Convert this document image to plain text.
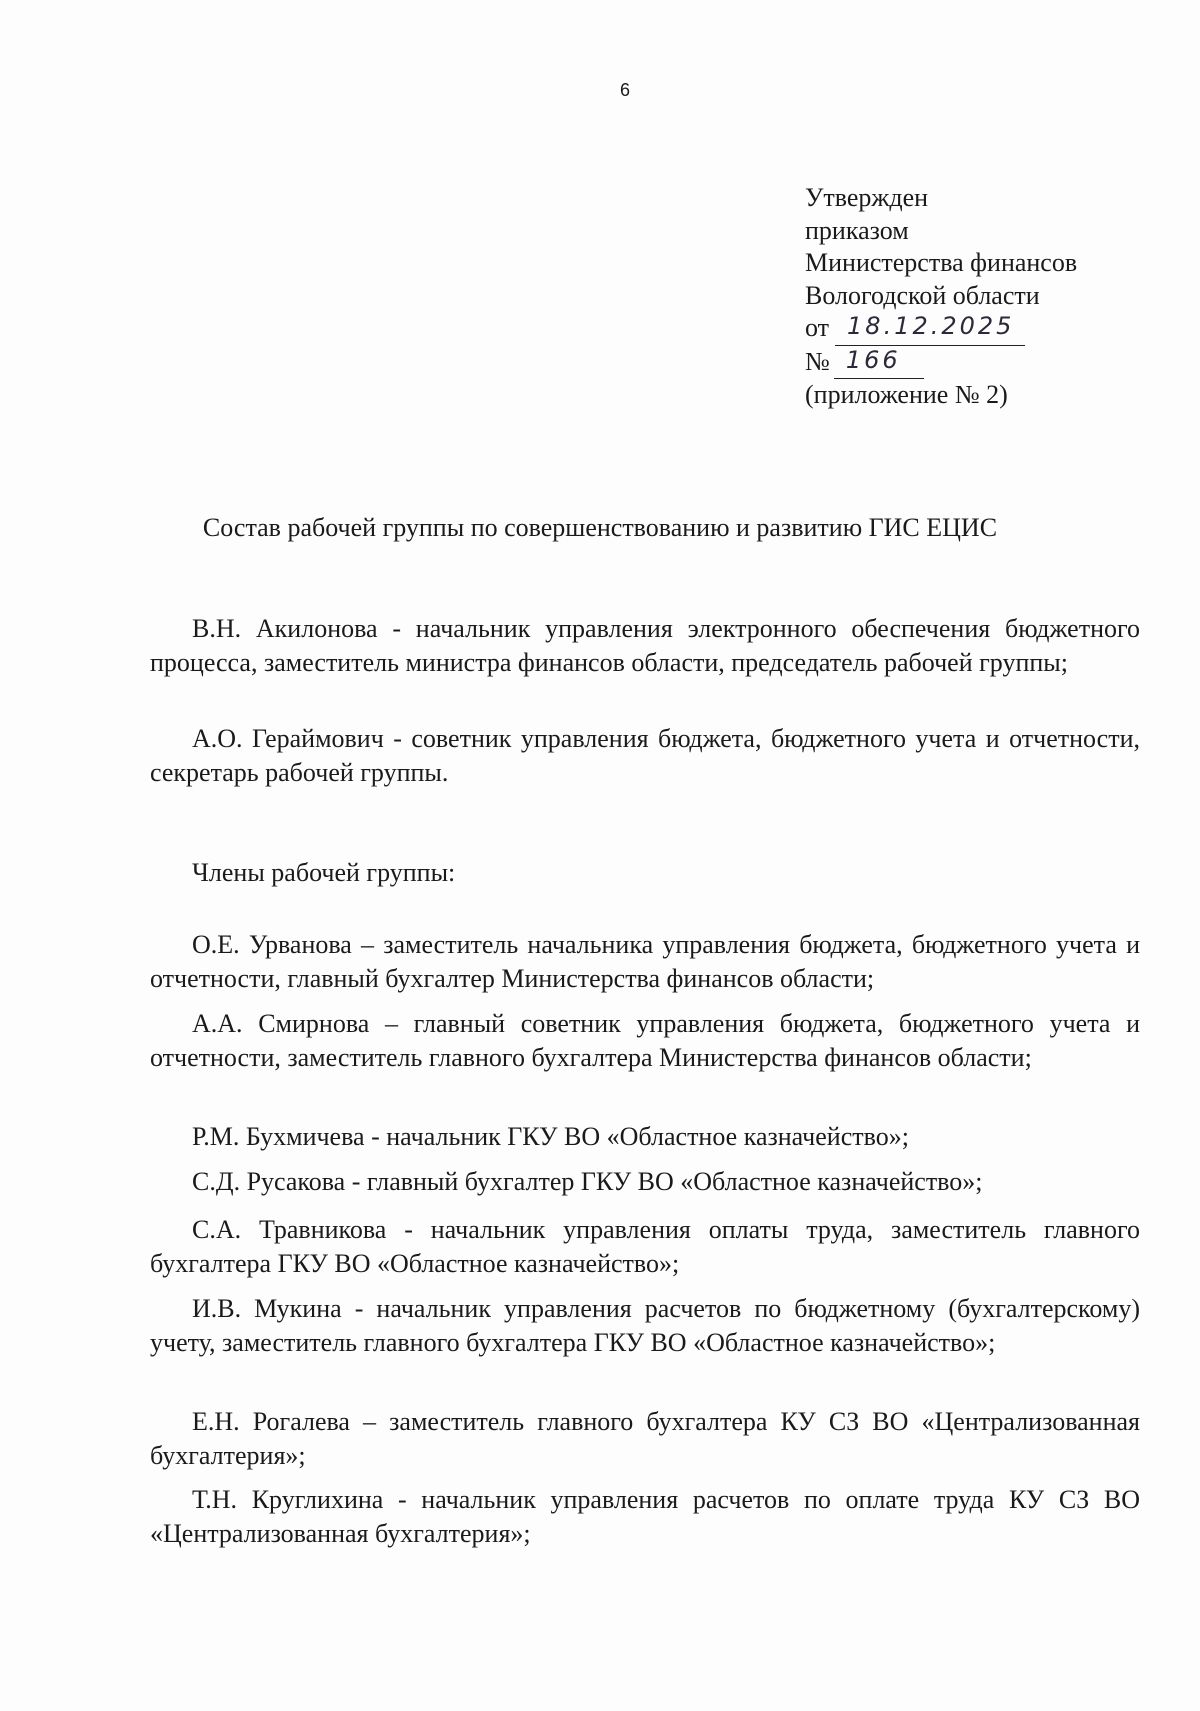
6
Утвержден
приказом
Министерства финансов
Вологодской области
от 18.12.2025
№ 166
(приложение № 2)
Состав рабочей группы по совершенствованию и развитию ГИС ЕЦИС
В.Н. Акилонова - начальник управления электронного обеспечения бюджетного процесса, заместитель министра финансов области, председатель рабочей группы;
А.О. Гераймович - советник управления бюджета, бюджетного учета и отчетности, секретарь рабочей группы.
Члены рабочей группы:
О.Е. Урванова – заместитель начальника управления бюджета, бюджетного учета и отчетности, главный бухгалтер Министерства финансов области;
А.А. Смирнова – главный советник управления бюджета, бюджетного учета и отчетности, заместитель главного бухгалтера Министерства финансов области;
Р.М. Бухмичева - начальник ГКУ ВО «Областное казначейство»;
С.Д. Русакова - главный бухгалтер ГКУ ВО «Областное казначейство»;
С.А. Травникова - начальник управления оплаты труда, заместитель главного бухгалтера ГКУ ВО «Областное казначейство»;
И.В. Мукина - начальник управления расчетов по бюджетному (бухгалтерскому) учету, заместитель главного бухгалтера ГКУ ВО «Областное казначейство»;
Е.Н. Рогалева – заместитель главного бухгалтера КУ СЗ ВО «Централизованная бухгалтерия»;
Т.Н. Круглихина - начальник управления расчетов по оплате труда КУ СЗ ВО «Централизованная бухгалтерия»;
